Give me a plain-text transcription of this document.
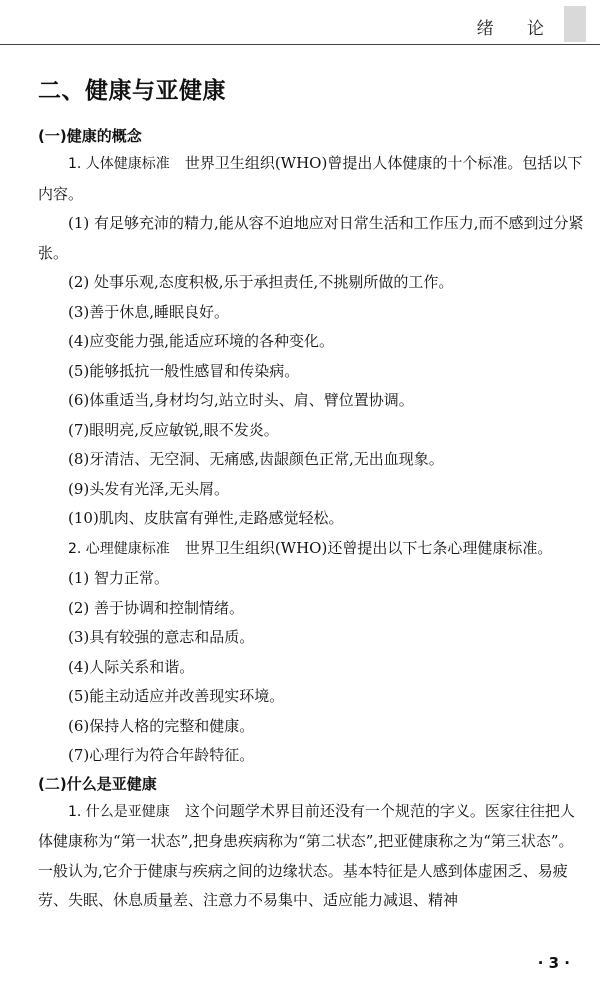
绪 论
二、健康与亚健康
(一)健康的概念

1. 人体健康标准　世界卫生组织(WHO)曾提出人体健康的十个标准。包括以下内容。

(1) 有足够充沛的精力,能从容不迫地应对日常生活和工作压力,而不感到过分紧张。

(2) 处事乐观,态度积极,乐于承担责任,不挑剔所做的工作。

(3)善于休息,睡眠良好。

(4)应变能力强,能适应环境的各种变化。

(5)能够抵抗一般性感冒和传染病。

(6)体重适当,身材均匀,站立时头、肩、臂位置协调。

(7)眼明亮,反应敏锐,眼不发炎。

(8)牙清洁、无空洞、无痛感,齿龈颜色正常,无出血现象。

(9)头发有光泽,无头屑。

(10)肌肉、皮肤富有弹性,走路感觉轻松。

2. 心理健康标准　世界卫生组织(WHO)还曾提出以下七条心理健康标准。

(1) 智力正常。

(2) 善于协调和控制情绪。

(3)具有较强的意志和品质。

(4)人际关系和谐。

(5)能主动适应并改善现实环境。

(6)保持人格的完整和健康。

(7)心理行为符合年龄特征。

(二)什么是亚健康

1. 什么是亚健康　这个问题学术界目前还没有一个规范的字义。医家往往把人体健康称为“第一状态”,把身患疾病称为“第二状态”,把亚健康称之为“第三状态”。一般认为,它介于健康与疾病之间的边缘状态。基本特征是人感到体虚困乏、易疲劳、失眠、休息质量差、注意力不易集中、适应能力减退、精神

· 3 ·
